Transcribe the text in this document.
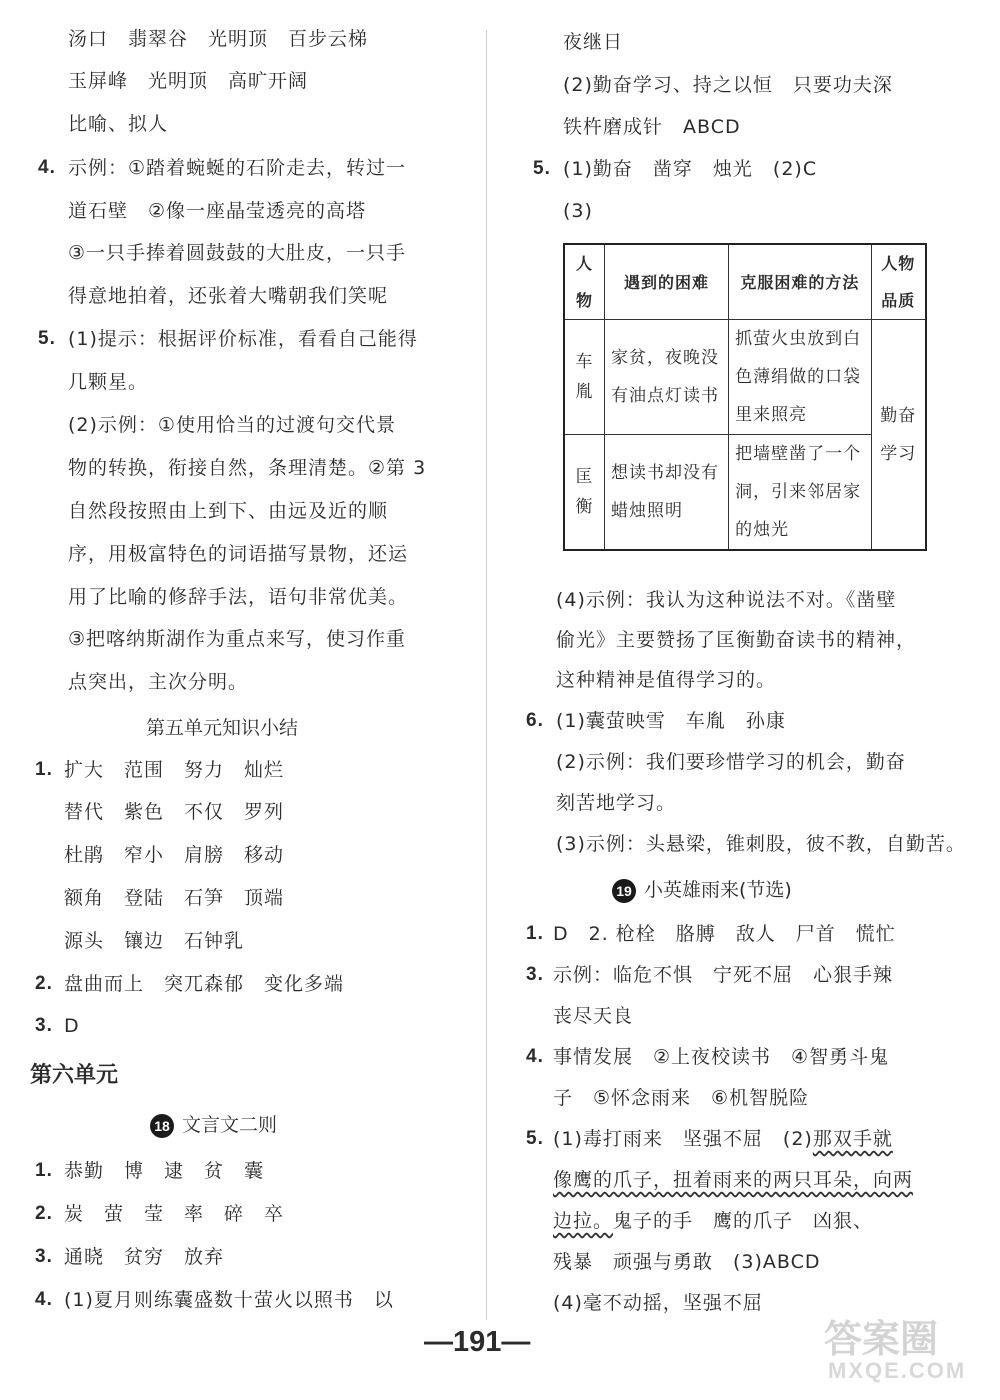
汤口　翡翠谷　光明顶　百步云梯
玉屏峰　光明顶　高旷开阔
比喻、拟人
4. 示例：①踏着蜿蜒的石阶走去，转过一
道石壁　②像一座晶莹透亮的高塔
③一只手捧着圆鼓鼓的大肚皮，一只手
得意地拍着，还张着大嘴朝我们笑呢
5. (1)提示：根据评价标准，看看自己能得
几颗星。
(2)示例：①使用恰当的过渡句交代景
物的转换，衔接自然，条理清楚。②第 3
自然段按照由上到下、由远及近的顺
序，用极富特色的词语描写景物，还运
用了比喻的修辞手法，语句非常优美。
③把喀纳斯湖作为重点来写，使习作重
点突出，主次分明。
第五单元知识小结
1. 扩大　范围　努力　灿烂
替代　紫色　不仅　罗列
杜鹃　窄小　肩膀　移动
额角　登陆　石笋　顶端
源头　镶边　石钟乳
2. 盘曲而上　突兀森郁　变化多端
3. D
第六单元
18 文言文二则
1. 恭勤　博　逮　贫　囊
2. 炭　萤　莹　率　碎　卒
3. 通晓　贫穷　放弃
4. (1)夏月则练囊盛数十萤火以照书　以
夜继日
(2)勤奋学习、持之以恒　只要功夫深
铁杵磨成针　ABCD
5. (1)勤奋　凿穿　烛光　(2)C
(3)
人物	遇到的困难	克服困难的方法	人物品质
车胤	家贫，夜晚没有油点灯读书	抓萤火虫放到白色薄绢做的口袋里来照亮	勤奋学习
匡衡	想读书却没有蜡烛照明	把墙壁凿了一个洞，引来邻居家的烛光	
(4)示例：我认为这种说法不对。《凿壁
偷光》主要赞扬了匡衡勤奋读书的精神，
这种精神是值得学习的。
6. (1)囊萤映雪　车胤　孙康
(2)示例：我们要珍惜学习的机会，勤奋
刻苦地学习。
(3)示例：头悬梁，锥刺股，彼不教，自勤苦。
19 小英雄雨来(节选)
1. D　2. 枪栓　胳膊　敌人　尸首　慌忙
3. 示例：临危不惧　宁死不屈　心狠手辣
丧尽天良
4. 事情发展　②上夜校读书　④智勇斗鬼
子　⑤怀念雨来　⑥机智脱险
5. (1)毒打雨来　坚强不屈　(2)那双手就
像鹰的爪子，扭着雨来的两只耳朵，向两
边拉。鬼子的手　鹰的爪子　凶狠、
残暴　顽强与勇敢　(3)ABCD
(4)毫不动摇，坚强不屈
—191—	答案圈
MXQE.COM
